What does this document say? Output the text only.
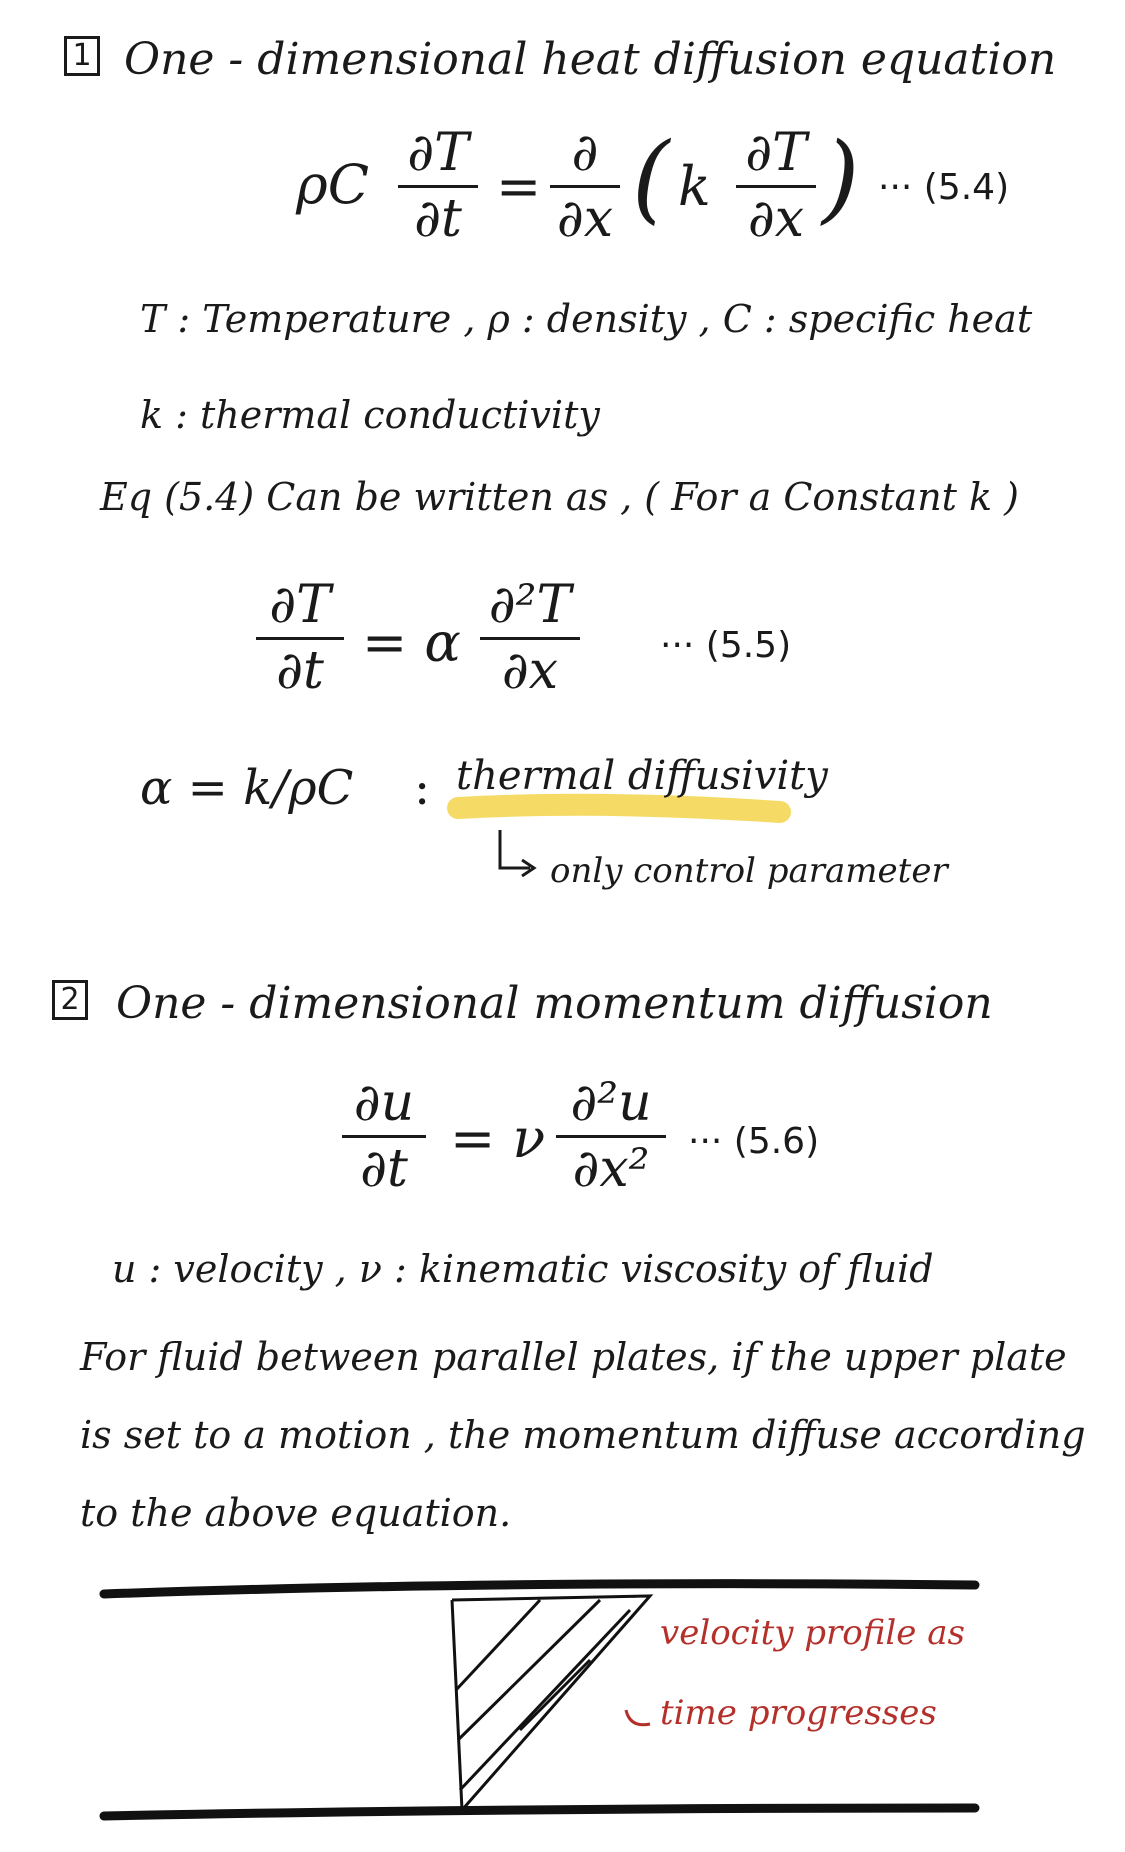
1 One - dimensional heat diffusion equation
ρC ∂T
∂t
=
∂
∂x ( k
∂T
∂x ) ··· (5.4)
T : Temperature , ρ : density , C : specific heat
k : thermal conductivity
Eq (5.4) Can be written as , ( For a Constant k )
∂T
∂t = α
∂²T
∂x	··· (5.5)
α = k/ρC : thermal diffusivity
only control parameter
2 One - dimensional momentum diffusion
∂u
∂t = ν
∂²u
∂x² ··· (5.6)
u : velocity , ν : kinematic viscosity of fluid
For fluid between parallel plates, if the upper plate
is set to a motion , the momentum diffuse according
to the above equation.
velocity profile as
time progresses
